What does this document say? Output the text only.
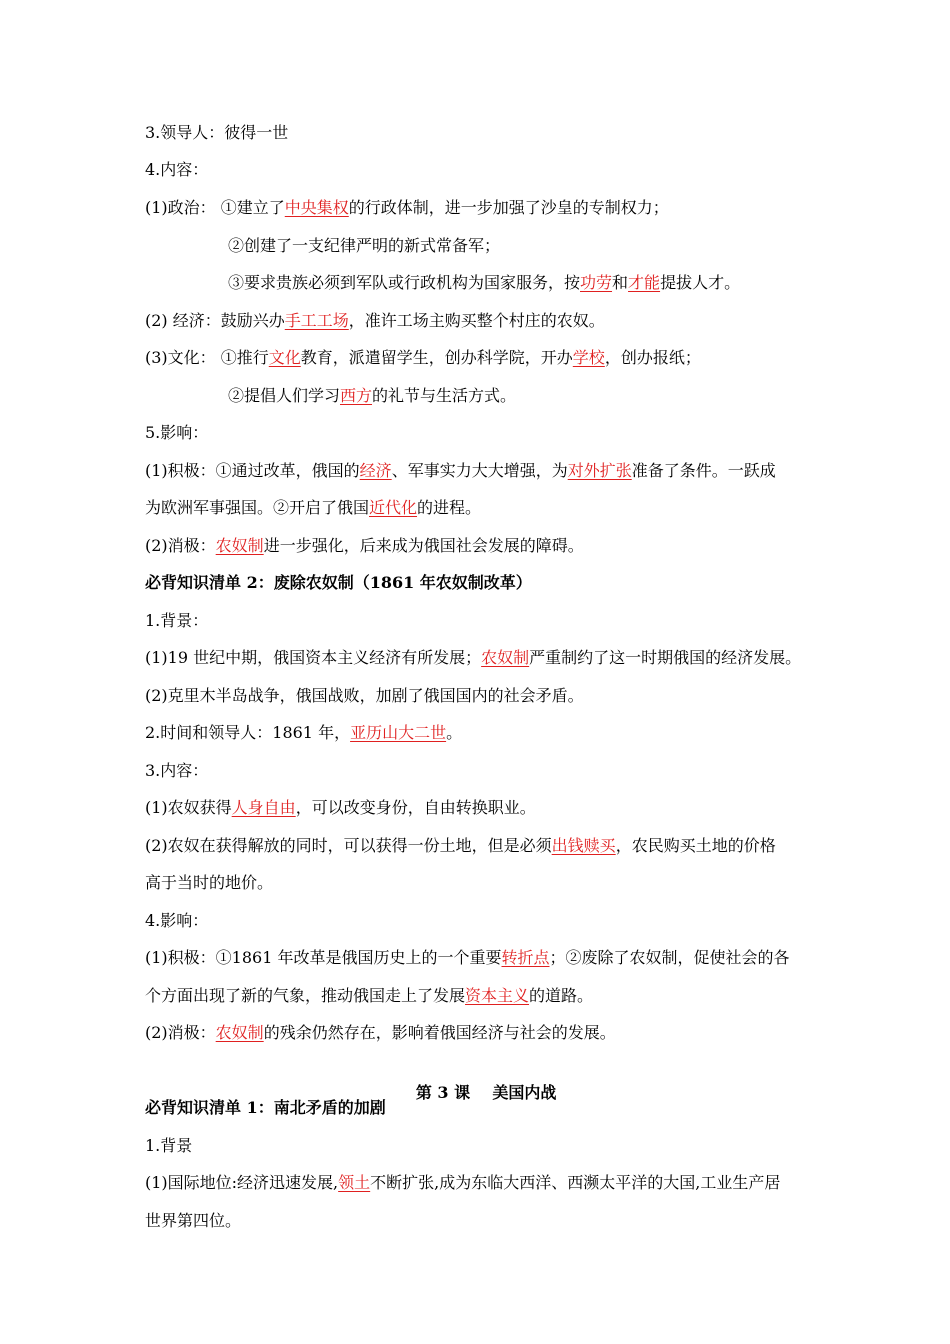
3.领导人：彼得一世
4.内容：
(1)政治： ①建立了中央集权的行政体制，进一步加强了沙皇的专制权力；
②创建了一支纪律严明的新式常备军；
③要求贵族必须到军队或行政机构为国家服务，按功劳和才能提拔人才。
(2) 经济：鼓励兴办手工工场，准许工场主购买整个村庄的农奴。
(3)文化： ①推行文化教育，派遣留学生，创办科学院，开办学校，创办报纸；
②提倡人们学习西方的礼节与生活方式。
5.影响：
(1)积极：①通过改革，俄国的经济、军事实力大大增强，为对外扩张准备了条件。一跃成
为欧洲军事强国。②开启了俄国近代化的进程。
(2)消极：农奴制进一步强化，后来成为俄国社会发展的障碍。
必背知识清单 2：废除农奴制（1861 年农奴制改革）
1.背景：
(1)19 世纪中期，俄国资本主义经济有所发展；农奴制严重制约了这一时期俄国的经济发展。
(2)克里木半岛战争，俄国战败，加剧了俄国国内的社会矛盾。
2.时间和领导人：1861 年，亚历山大二世。
3.内容：
(1)农奴获得人身自由，可以改变身份，自由转换职业。
(2)农奴在获得解放的同时，可以获得一份土地，但是必须出钱赎买，农民购买土地的价格
高于当时的地价。
4.影响：
(1)积极：①1861 年改革是俄国历史上的一个重要转折点；②废除了农奴制，促使社会的各
个方面出现了新的气象，推动俄国走上了发展资本主义的道路。
(2)消极：农奴制的残余仍然存在，影响着俄国经济与社会的发展。

第 3 课    美国内战

必背知识清单 1：南北矛盾的加剧
1.背景
(1)国际地位:经济迅速发展,领土不断扩张,成为东临大西洋、西濒太平洋的大国,工业生产居
世界第四位。
